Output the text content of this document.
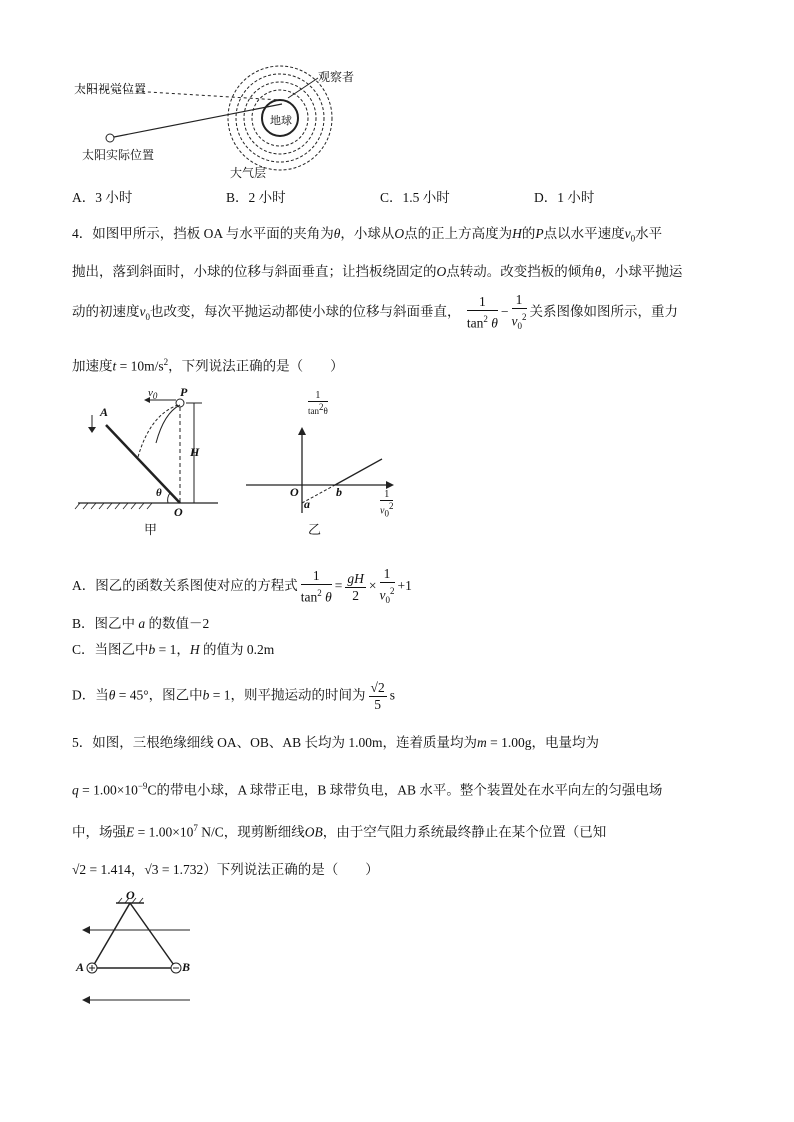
太阳视觉位置
太阳实际位置
观察者
地球
大气层
A．3 小时	B．2 小时	C．1.5 小时	D．1 小时
4．如图甲所示，挡板 OA 与水平面的夹角为θ，小球从O点的正上方高度为H的P点以水平速度$v_0$水平
抛出，落到斜面时，小球的位移与斜面垂直；让挡板绕固定的O点转动。改变挡板的倾角θ，小球平抛运
动的初速度$v_0$也改变，每次平抛运动都使小球的位移与斜面垂直， $\frac{1}{\tan^2 \theta} - \frac{1}{v_0^2}$ 关系图像如图所示，重力
加速度$t = 10m/s^2$，下列说法正确的是（　　）
A
P
$v_0$
H
θ
O
甲
1
$\tan^2\theta$
1
$v_0^2$
O
a
b
乙
A．图乙的函数关系图使对应的方程式 $\frac{1}{\tan^2 \theta} = \frac{gH}{2} \times \frac{1}{v_0^2} +1$
B．图乙中 a 的数值－2
C．当图乙中b = 1，H 的值为 0.2m
D．当θ = 45°，图乙中b = 1，则平抛运动的时间为 $\frac{√2}{5}$ s
5．如图，三根绝缘细线 OA、OB、AB 长均为 1.00m，连着质量均为m = 1.00g，电量均为
$q = 1.00\times 10^{-9}C$的带电小球，A 球带正电，B 球带负电，AB 水平。整个装置处在水平向左的匀强电场
中，场强$E = 1.00\times 10^7$ N/C，现剪断细线OB，由于空气阻力系统最终静止在某个位置（已知
√2 = 1.414，√3 = 1.732）下列说法正确的是（　　）
O
A	B
